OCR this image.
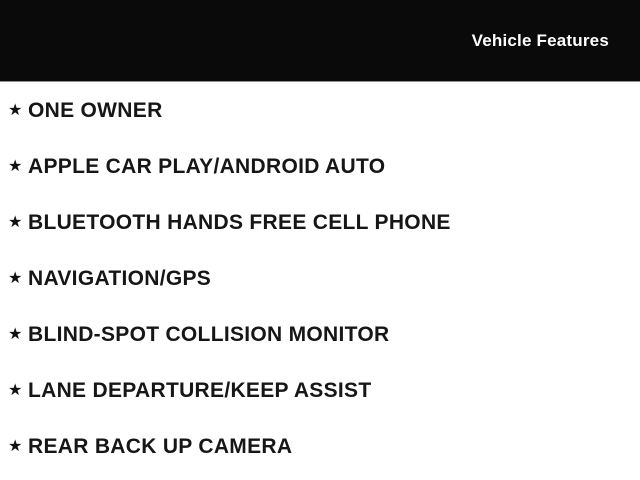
Vehicle Features
★ ONE OWNER
★ APPLE CAR PLAY/ANDROID AUTO
★ BLUETOOTH HANDS FREE CELL PHONE
★ NAVIGATION/GPS
★ BLIND-SPOT COLLISION MONITOR
★ LANE DEPARTURE/KEEP ASSIST
★ REAR BACK UP CAMERA
